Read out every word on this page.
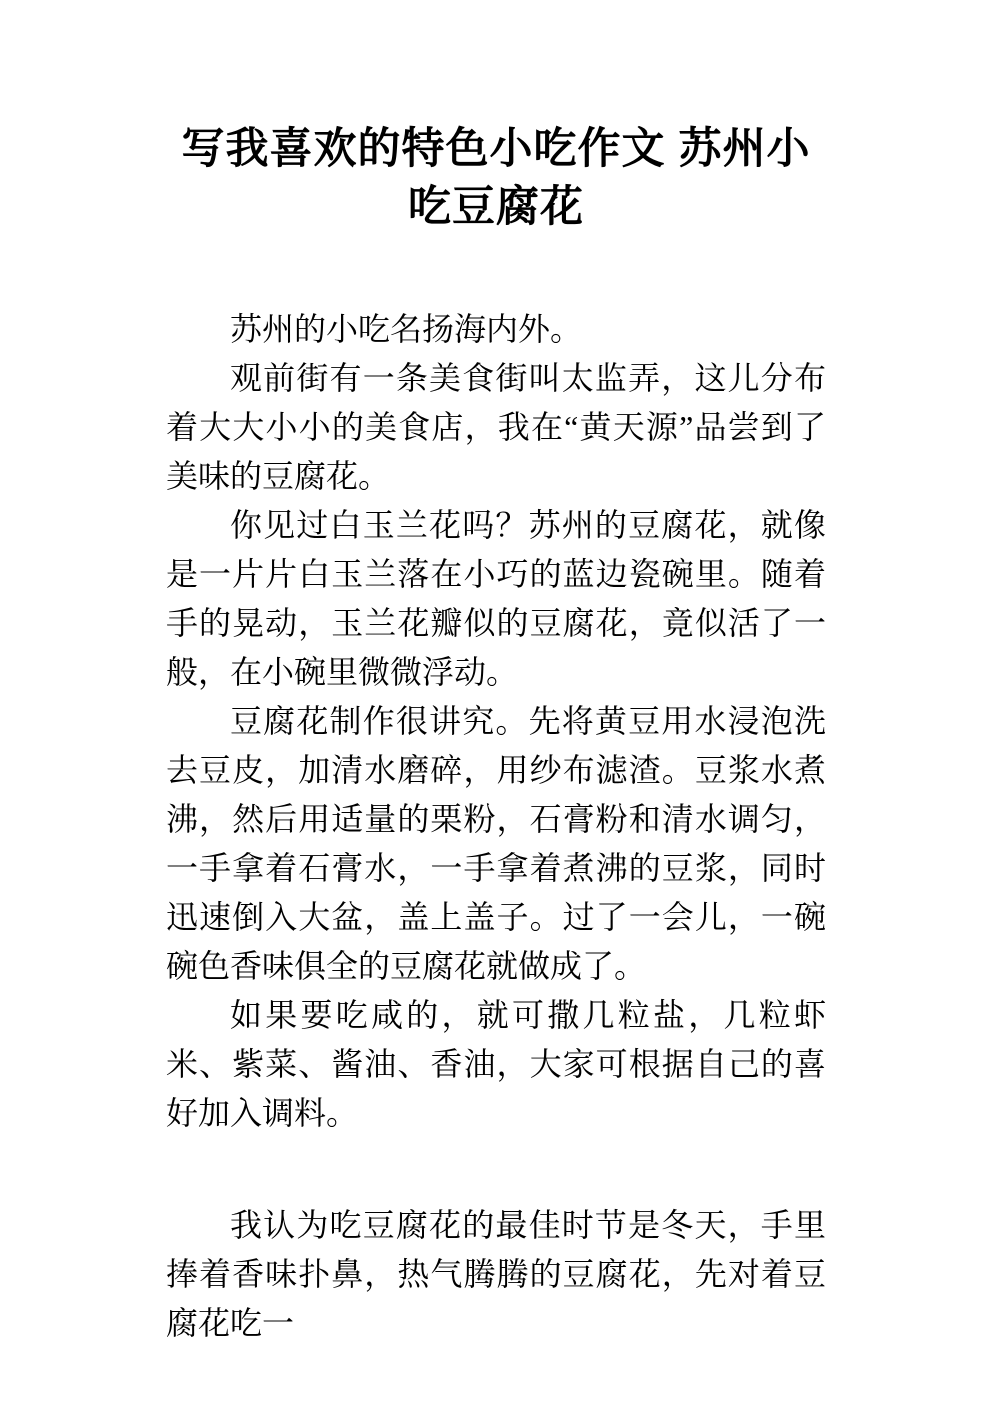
写我喜欢的特色小吃作文 苏州小吃豆腐花

苏州的小吃名扬海内外。

观前街有一条美食街叫太监弄，这儿分布着大大小小的美食店，我在“黄天源”品尝到了美味的豆腐花。

你见过白玉兰花吗？苏州的豆腐花，就像是一片片白玉兰落在小巧的蓝边瓷碗里。随着手的晃动，玉兰花瓣似的豆腐花，竟似活了一般，在小碗里微微浮动。

豆腐花制作很讲究。先将黄豆用水浸泡洗去豆皮，加清水磨碎，用纱布滤渣。豆浆水煮沸，然后用适量的栗粉，石膏粉和清水调匀，一手拿着石膏水，一手拿着煮沸的豆浆，同时迅速倒入大盆，盖上盖子。过了一会儿，一碗碗色香味俱全的豆腐花就做成了。

如果要吃咸的，就可撒几粒盐，几粒虾米、紫菜、酱油、香油，大家可根据自己的喜好加入调料。

我认为吃豆腐花的最佳时节是冬天，手里捧着香味扑鼻，热气腾腾的豆腐花，先对着豆腐花吃一
